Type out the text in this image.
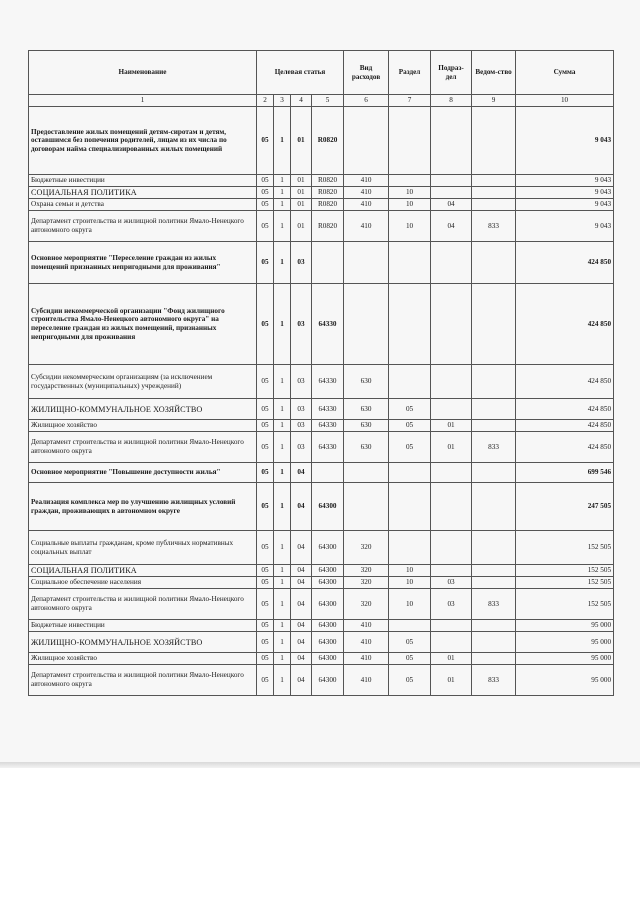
Наименование	Целевая статья				Вид расходов	Раздел	Подраз-дел	Ведом-ство	Сумма
1	2	3	4	5	6	7	8	9	10
Предоставление жилых помещений детям-сиротам и детям, оставшимся без попечения родителей, лицам из их числа по договорам найма специализированных жилых помещений	05	1	01	R0820					9 043
Бюджетные инвестиции	05	1	01	R0820	410				9 043
СОЦИАЛЬНАЯ ПОЛИТИКА	05	1	01	R0820	410	10			9 043
Охрана семьи и детства	05	1	01	R0820	410	10	04		9 043
Департамент строительства и жилищной политики Ямало-Ненецкого автономного округа	05	1	01	R0820	410	10	04	833	9 043
Основное мероприятие "Переселение граждан из жилых помещений признанных непригодными для проживания"	05	1	03						424 850
Субсидии некоммерческой организации "Фонд жилищного строительства Ямало-Ненецкого автономного округа" на переселение граждан из жилых помещений, признанных непригодными для проживания	05	1	03	64330					424 850
Субсидии некоммерческим организациям (за исключением государственных (муниципальных) учреждений)	05	1	03	64330	630				424 850
ЖИЛИЩНО-КОММУНАЛЬНОЕ ХОЗЯЙСТВО	05	1	03	64330	630	05			424 850
Жилищное хозяйство	05	1	03	64330	630	05	01		424 850
Департамент строительства и жилищной политики Ямало-Ненецкого автономного округа	05	1	03	64330	630	05	01	833	424 850
Основное мероприятие "Повышение доступности жилья"	05	1	04						699 546
Реализация комплекса мер по улучшению жилищных условий граждан, проживающих в автономном округе	05	1	04	64300					247 505
Социальные выплаты гражданам, кроме публичных нормативных социальных выплат	05	1	04	64300	320				152 505
СОЦИАЛЬНАЯ ПОЛИТИКА	05	1	04	64300	320	10			152 505
Социальное обеспечение населения	05	1	04	64300	320	10	03		152 505
Департамент строительства и жилищной политики Ямало-Ненецкого автономного округа	05	1	04	64300	320	10	03	833	152 505
Бюджетные инвестиции	05	1	04	64300	410				95 000
ЖИЛИЩНО-КОММУНАЛЬНОЕ ХОЗЯЙСТВО	05	1	04	64300	410	05			95 000
Жилищное хозяйство	05	1	04	64300	410	05	01		95 000
Департамент строительства и жилищной политики Ямало-Ненецкого автономного округа	05	1	04	64300	410	05	01	833	95 000
